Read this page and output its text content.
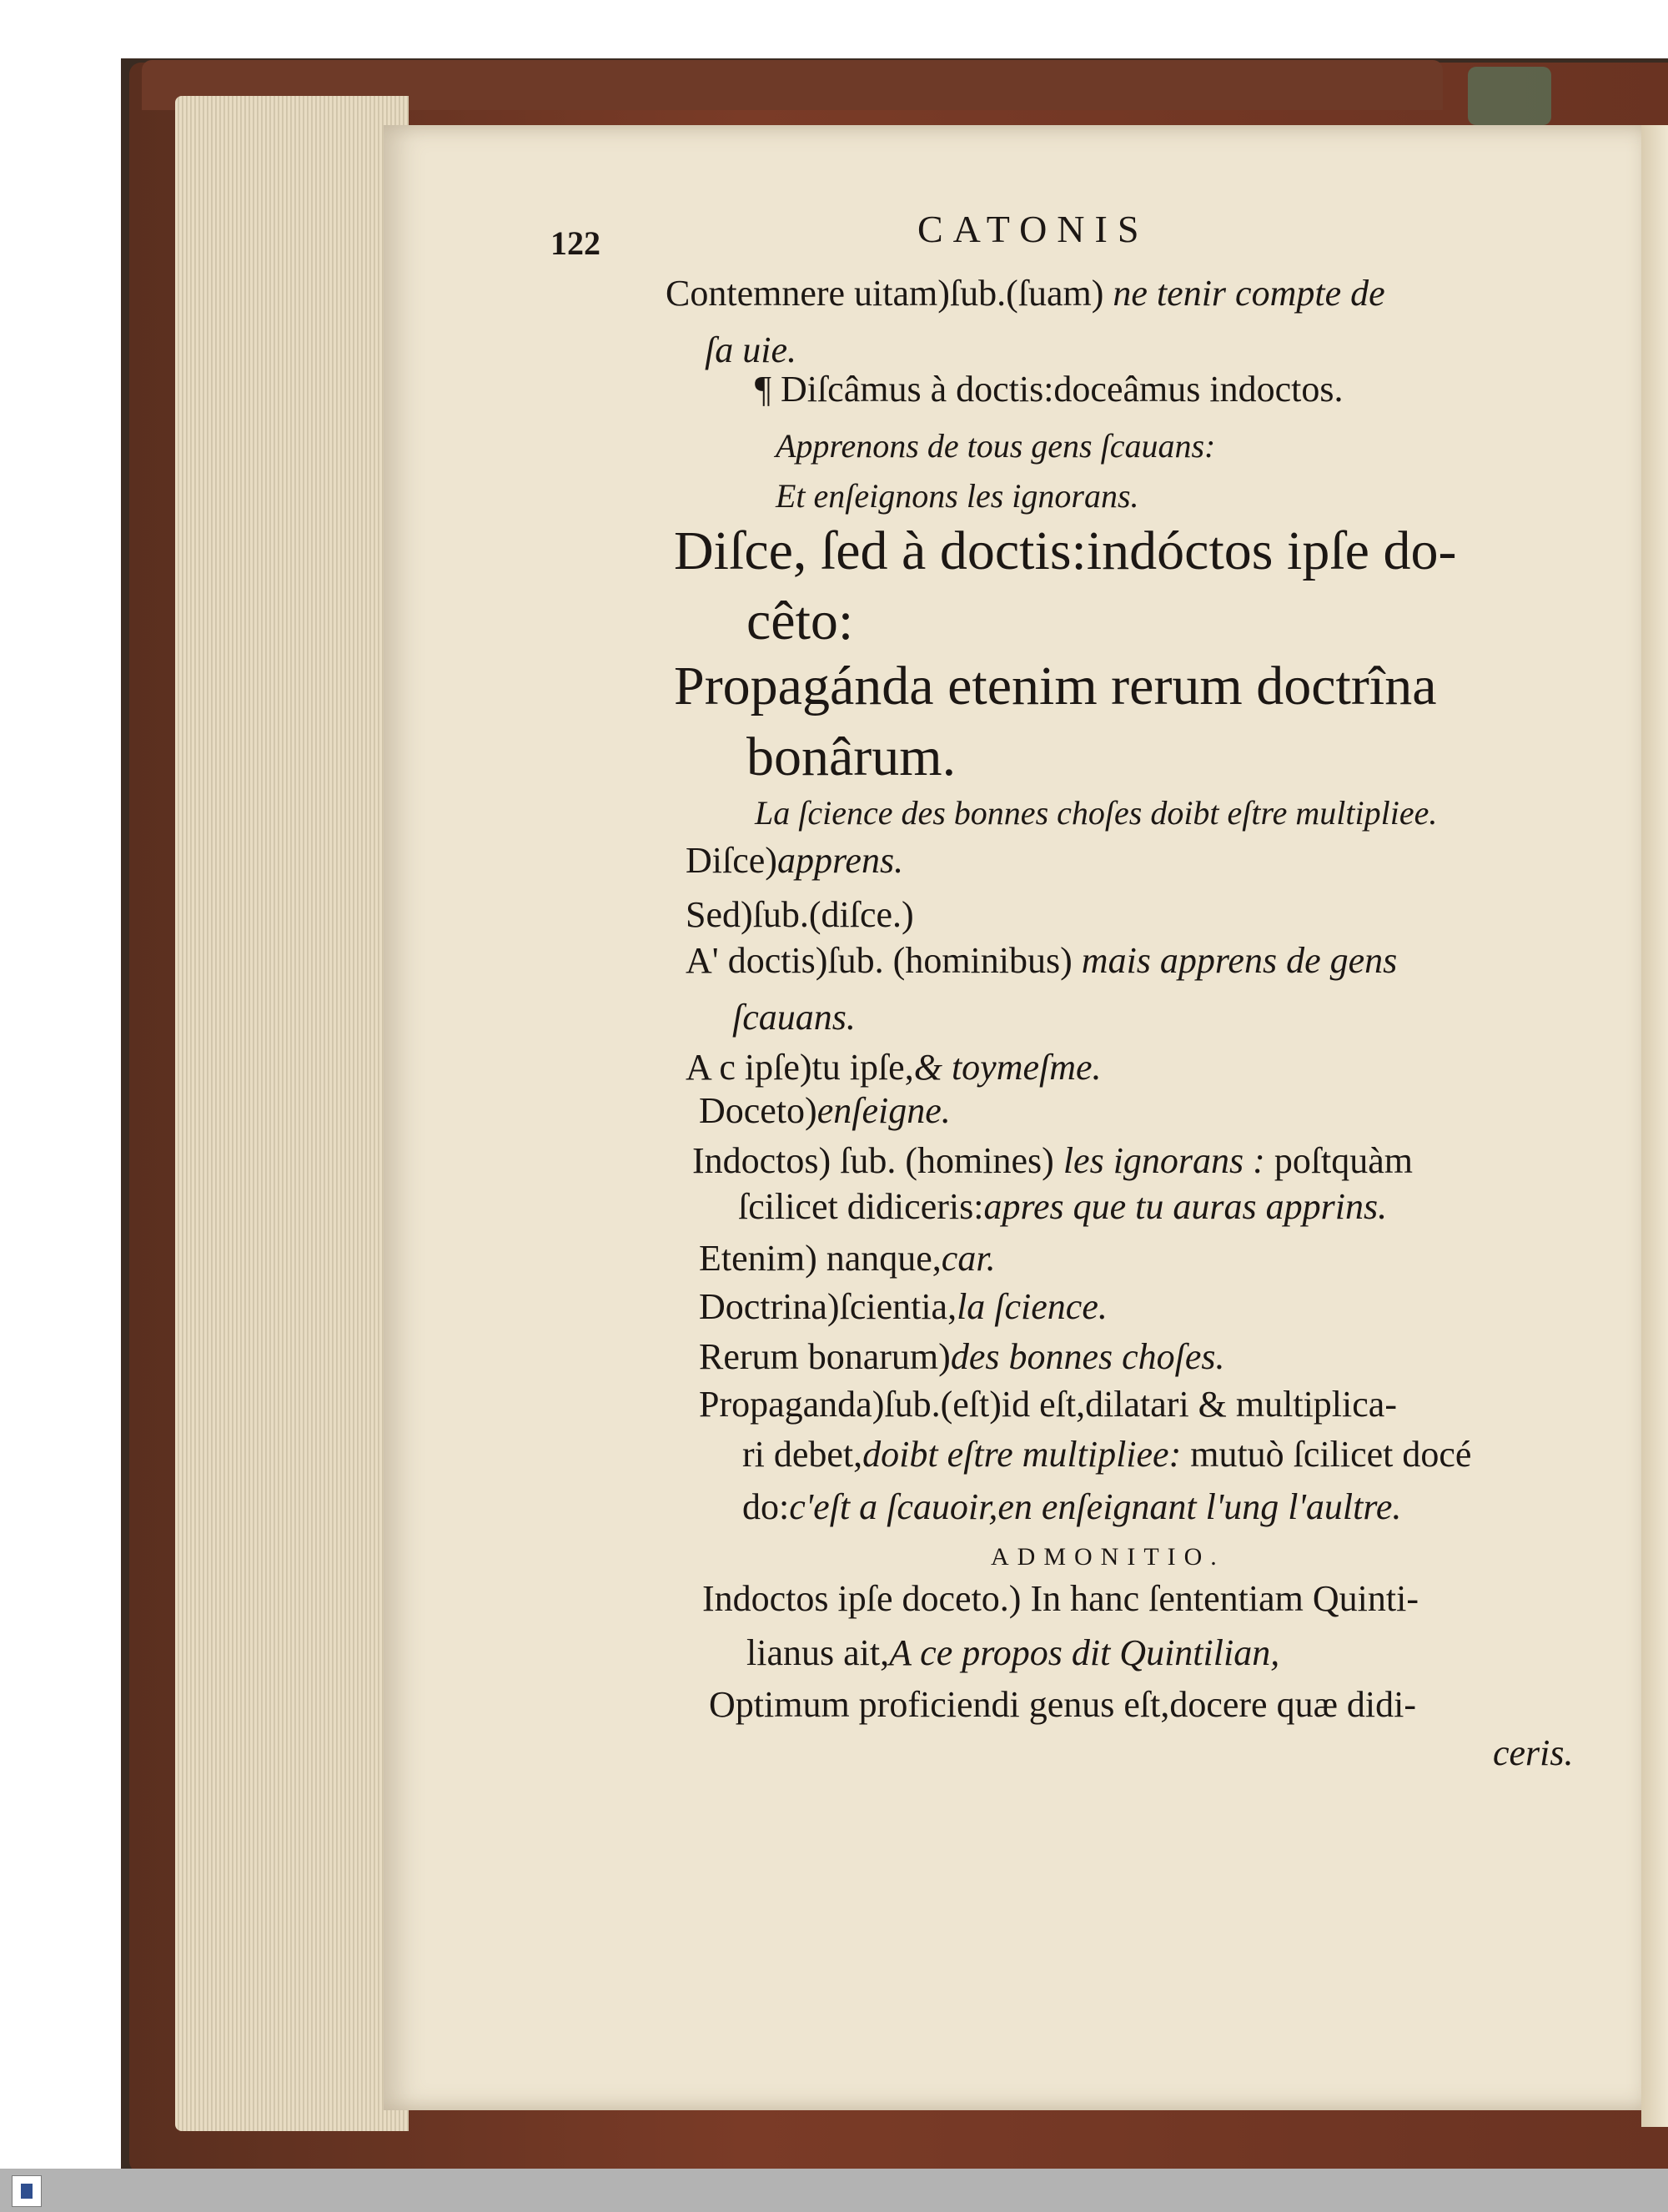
122	CATONIS
Contemnere uitam)ſub.(ſuam) ne tenir compte de
ſa uie.
¶ Diſcâmus à doctis:doceâmus indoctos.
Apprenons de tous gens ſcauans:
Et enſeignons les ignorans.
Diſce, ſed à doctis:indóctos ipſe do-
cêto:
Propagánda etenim rerum doctrîna
bonârum.
La ſcience des bonnes choſes doibt eſtre multipliee.
Diſce)apprens.
Sed)ſub.(diſce.)
A' doctis)ſub. (hominibus) mais apprens de gens
ſcauans.
A c ipſe)tu ipſe,& toymeſme.
Doceto)enſeigne.
Indoctos) ſub. (homines) les ignorans : poſtquàm
ſcilicet didiceris:apres que tu auras apprins.
Etenim) nanque,car.
Doctrina)ſcientia,la ſcience.
Rerum bonarum)des bonnes choſes.
Propaganda)ſub.(eſt)id eſt,dilatari & multiplica-
ri debet,doibt eſtre multipliee: mutuò ſcilicet docé
do:c'eſt a ſcauoir,en enſeignant l'ung l'aultre.
ADMONITIO.
Indoctos ipſe doceto.) In hanc ſententiam Quinti-
lianus ait,A ce propos dit Quintilian,
Optimum proficiendi genus eſt,docere quæ didi-
ceris.
